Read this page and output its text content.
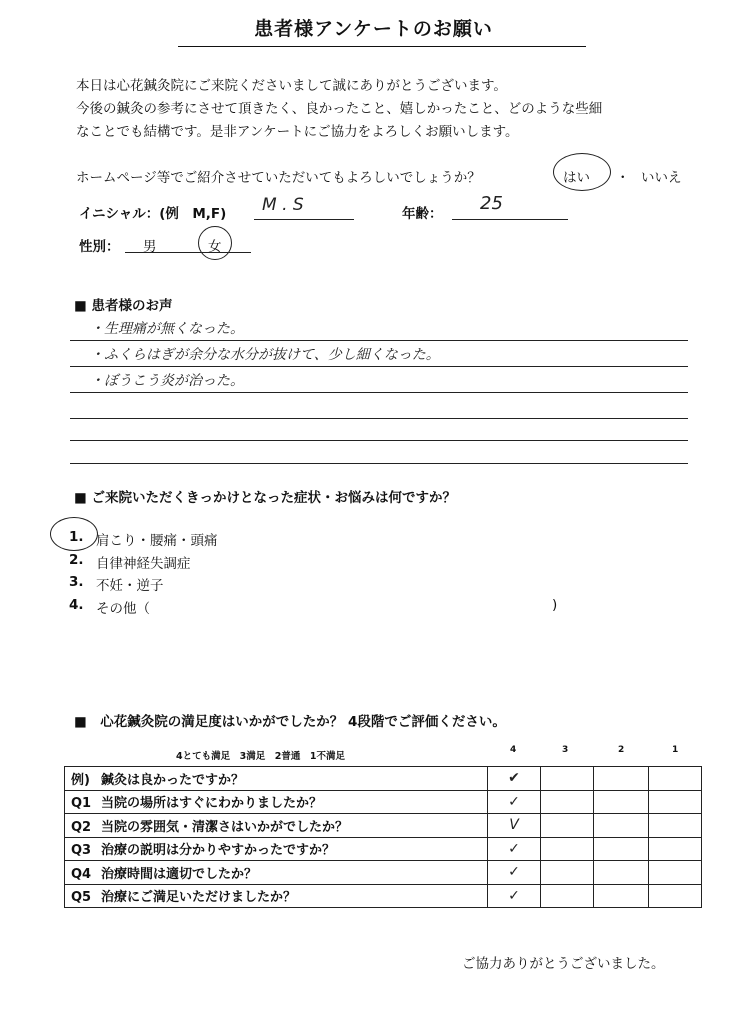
患者様アンケートのお願い
本日は心花鍼灸院にご来院くださいまして誠にありがとうございます。
今後の鍼灸の参考にさせて頂きたく、良かったこと、嬉しかったこと、どのような些細
なことでも結構です。是非アンケートにご協力をよろしくお願いします。
ホームページ等でご紹介させていただいてもよろしいでしょうか？	はい ・ いいえ
イニシャル：(例　M,F) M . S	年齢： 25
性別： 男	女
■ 患者様のお声
・生理痛が無くなった。
・ふくらはぎが余分な水分が抜けて、少し細くなった。
・ぼうこう炎が治った。
■ ご来院いただくきっかけとなった症状・お悩みは何ですか？
1. 肩こり・腰痛・頭痛
2. 自律神経失調症
3. 不妊・逆子
4. その他（	)
■　心花鍼灸院の満足度はいかがでしたか？ 4段階でご評価ください。
4とても満足　3満足　2普通　1不満足
4	3	2	1
例) 鍼灸は良かったですか？	✔			
Q1 当院の場所はすぐにわかりましたか？	✓			
Q2 当院の雰囲気・清潔さはいかがでしたか？	V			
Q3 治療の説明は分かりやすかったですか？	✓			
Q4 治療時間は適切でしたか？	✓			
Q5 治療にご満足いただけましたか？	✓			
ご協力ありがとうございました。
